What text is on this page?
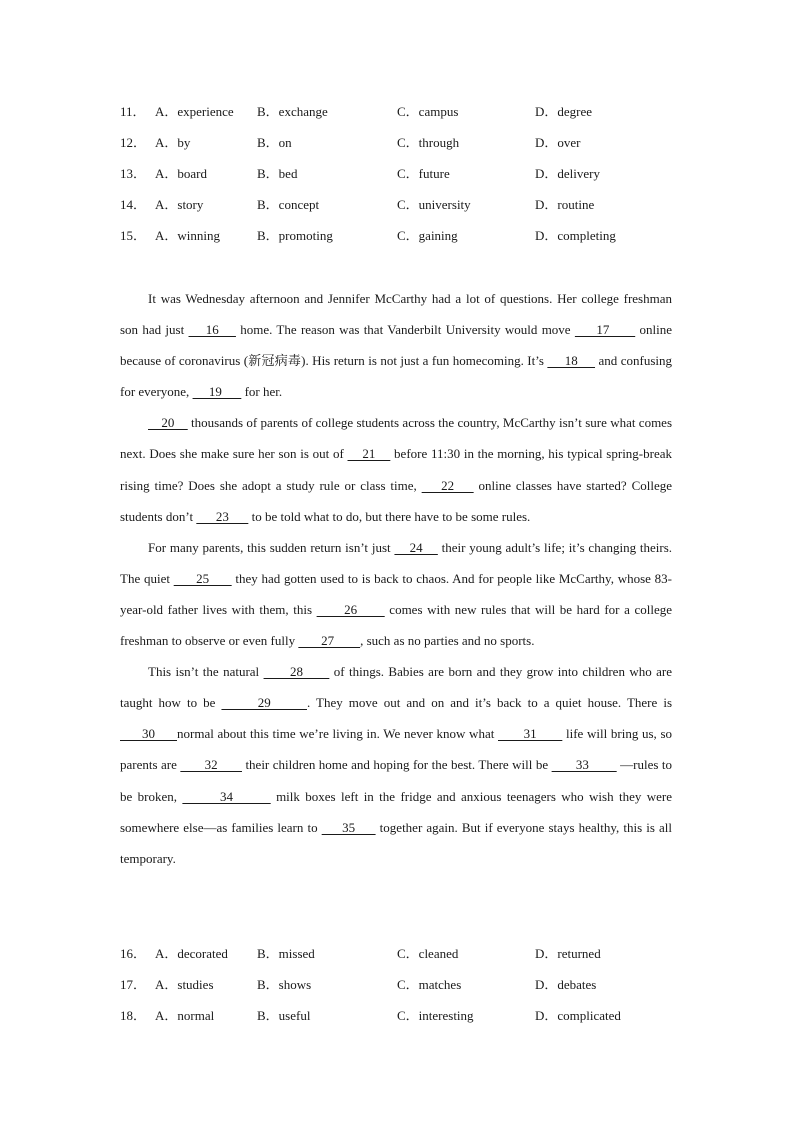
11． A．experience B．exchange	C．campus	D．degree
12． A．by	B．on	C．through	D．over
13． A．board	B．bed	C．future	D．delivery
14． A．story	B．concept	C．university	D．routine
15． A．winning	B．promoting	C．gaining	D．completing

It was Wednesday afternoon and Jennifer McCarthy had a lot of questions. Her college freshman son had just     16     home. The reason was that Vanderbilt University would move      17       online because of coronavirus (新冠病毒). His return is not just a fun homecoming. It’s      18      and confusing for everyone,      19       for her.

20     thousands of parents of college students across the country, McCarthy isn’t sure what comes next. Does she make sure her son is out of     21     before 11:30 in the morning, his typical spring-break rising time? Does she adopt a study rule or class time,     22     online classes have started? College students don’t       23       to be told what to do, but there have to be some rules.

For many parents, this sudden return isn’t just     24     their young adult’s life; it’s changing theirs. The quiet       25       they had gotten used to is back to chaos. And for people like McCarthy, whose 83-year-old father lives with them, this       26       comes with new rules that will be hard for a college freshman to observe or even fully        27        , such as no parties and no sports.

This isn’t the natural       28       of things. Babies are born and they grow into children who are taught how to be       29      . They move out and on and it’s back to a quiet house. There is       30      normal about this time we’re living in. We never know what        31        life will bring us, so parents are        32        their children home and hoping for the best. There will be        33         —rules to be broken,        34        milk boxes left in the fridge and anxious teenagers who wish they were somewhere else—as families learn to      35      together again. But if everyone stays healthy, this is all temporary.

16． A．decorated B．missed	C．cleaned	D．returned
17． A．studies	B．shows	C．matches	D．debates
18． A．normal	B．useful	C．interesting	D．complicated
